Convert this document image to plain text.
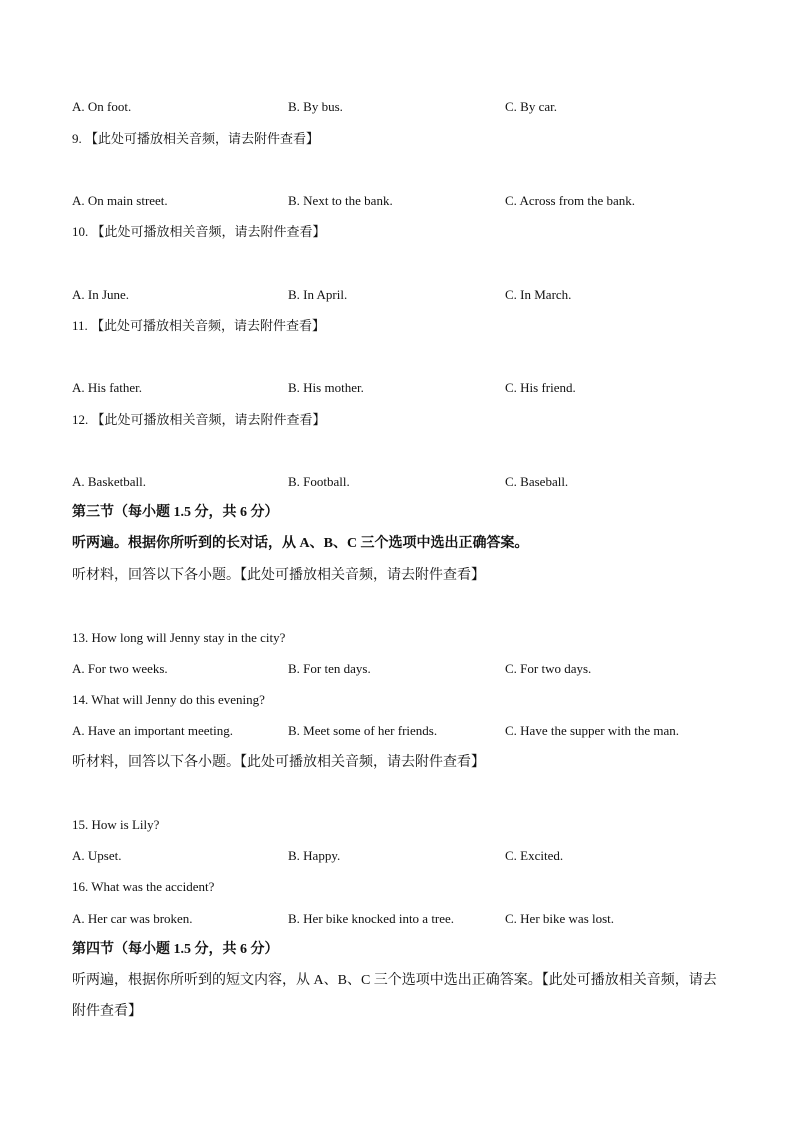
A. On foot.	B. By bus.	C. By car.
9. 【此处可播放相关音频，请去附件查看】
A. On main street.	B. Next to the bank.	C. Across from the bank.
10. 【此处可播放相关音频，请去附件查看】
A. In June.	B. In April.	C. In March.
11. 【此处可播放相关音频，请去附件查看】
A. His father.	B. His mother.	C. His friend.
12. 【此处可播放相关音频，请去附件查看】
A. Basketball.	B. Football.	C. Baseball.
第三节（每小题 1.5 分，共 6 分）
听两遍。根据你所听到的长对话，从 A、B、C 三个选项中选出正确答案。
听材料，回答以下各小题。【此处可播放相关音频，请去附件查看】
13. How long will Jenny stay in the city?
A. For two weeks.	B. For ten days.	C. For two days.
14. What will Jenny do this evening?
A. Have an important meeting.	B. Meet some of her friends.	C. Have the supper with the man.
听材料，回答以下各小题。【此处可播放相关音频，请去附件查看】
15. How is Lily?
A. Upset.	B. Happy.	C. Excited.
16. What was the accident?
A. Her car was broken.	B. Her bike knocked into a tree.	C. Her bike was lost.
第四节（每小题 1.5 分，共 6 分）
听两遍，根据你所听到的短文内容，从 A、B、C 三个选项中选出正确答案。【此处可播放相关音频，请去附件查看】
